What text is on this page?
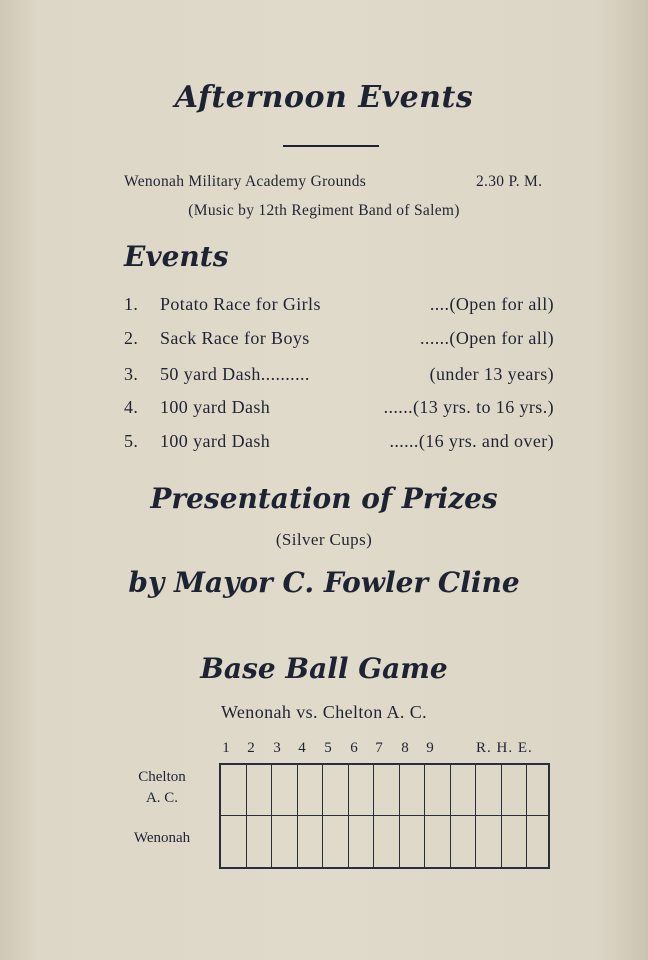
Afternoon Events
Wenonah Military Academy Grounds	2.30 P. M.
(Music by 12th Regiment Band of Salem)
Events
1. Potato Race for Girls	....(Open for all)
2. Sack Race for Boys	......(Open for all)
3. 50 yard Dash..........	(under 13 years)
4. 100 yard Dash	......(13 yrs. to 16 yrs.)
5. 100 yard Dash	......(16 yrs. and over)
Presentation of Prizes
(Silver Cups)
by Mayor C. Fowler Cline
Base Ball Game
Wenonah vs. Chelton A. C.
1	2	3	4	5	6	7	8	9	R. H. E.
Chelton
A. C.
Wenonah
